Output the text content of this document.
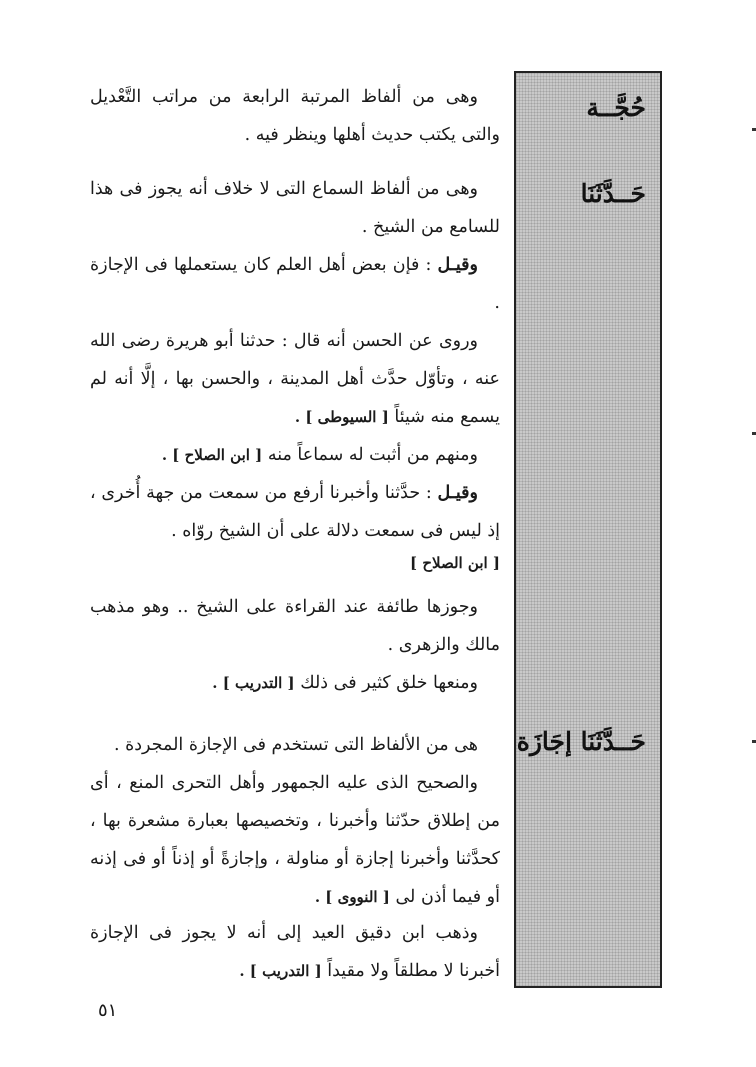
حُجَّــة
حَــدَّثَنَا
حَــدَّثَنَا إجَازَة

وهى من ألفاظ المرتبة الرابعة من مراتب التَّعْديل والتى يكتب حديث أهلها وينظر فيه .

وهى من ألفاظ السماع التى لا خلاف أنه يجوز فى هذا للسامع من الشيخ .

وقيـل : فإن بعض أهل العلم كان يستعملها فى الإجازة .

وروى عن الحسن أنه قال : حدثنا أبو هريرة رضى الله عنه ، وتأوّل حدَّث أهل المدينة ، والحسن بها ، إلَّا أنه لم يسمع منه شيئاً [ السيوطى ] .

ومنهم من أثبت له سماعاً منه [ ابن الصلاح ] .

وقيـل : حدَّثنا وأخبرنا أرفع من سمعت من جهة أُخرى ، إذ ليس فى سمعت دلالة على أن الشيخ روّاه .

[ ابن الصلاح ]

وجوزها طائفة عند القراءة على الشيخ .. وهو مذهب مالك والزهرى .

ومنعها خلق كثير فى ذلك [ التدريب ] .

هى من الألفاظ التى تستخدم فى الإجازة المجردة .

والصحيح الذى عليه الجمهور وأهل التحرى المنع ، أى من إطلاق حدّثنا وأخبرنا ، وتخصيصها بعبارة مشعرة بها ، كحدَّثنا وأخبرنا إجازة أو مناولة ، وإجازةً أو إذناً أو فى إذنه أو فيما أذن لى [ النووى ] .

وذهب ابن دقيق العيد إلى أنه لا يجوز فى الإجازة أخبرنا لا مطلقاً ولا مقيداً [ التدريب ] .

٥١
